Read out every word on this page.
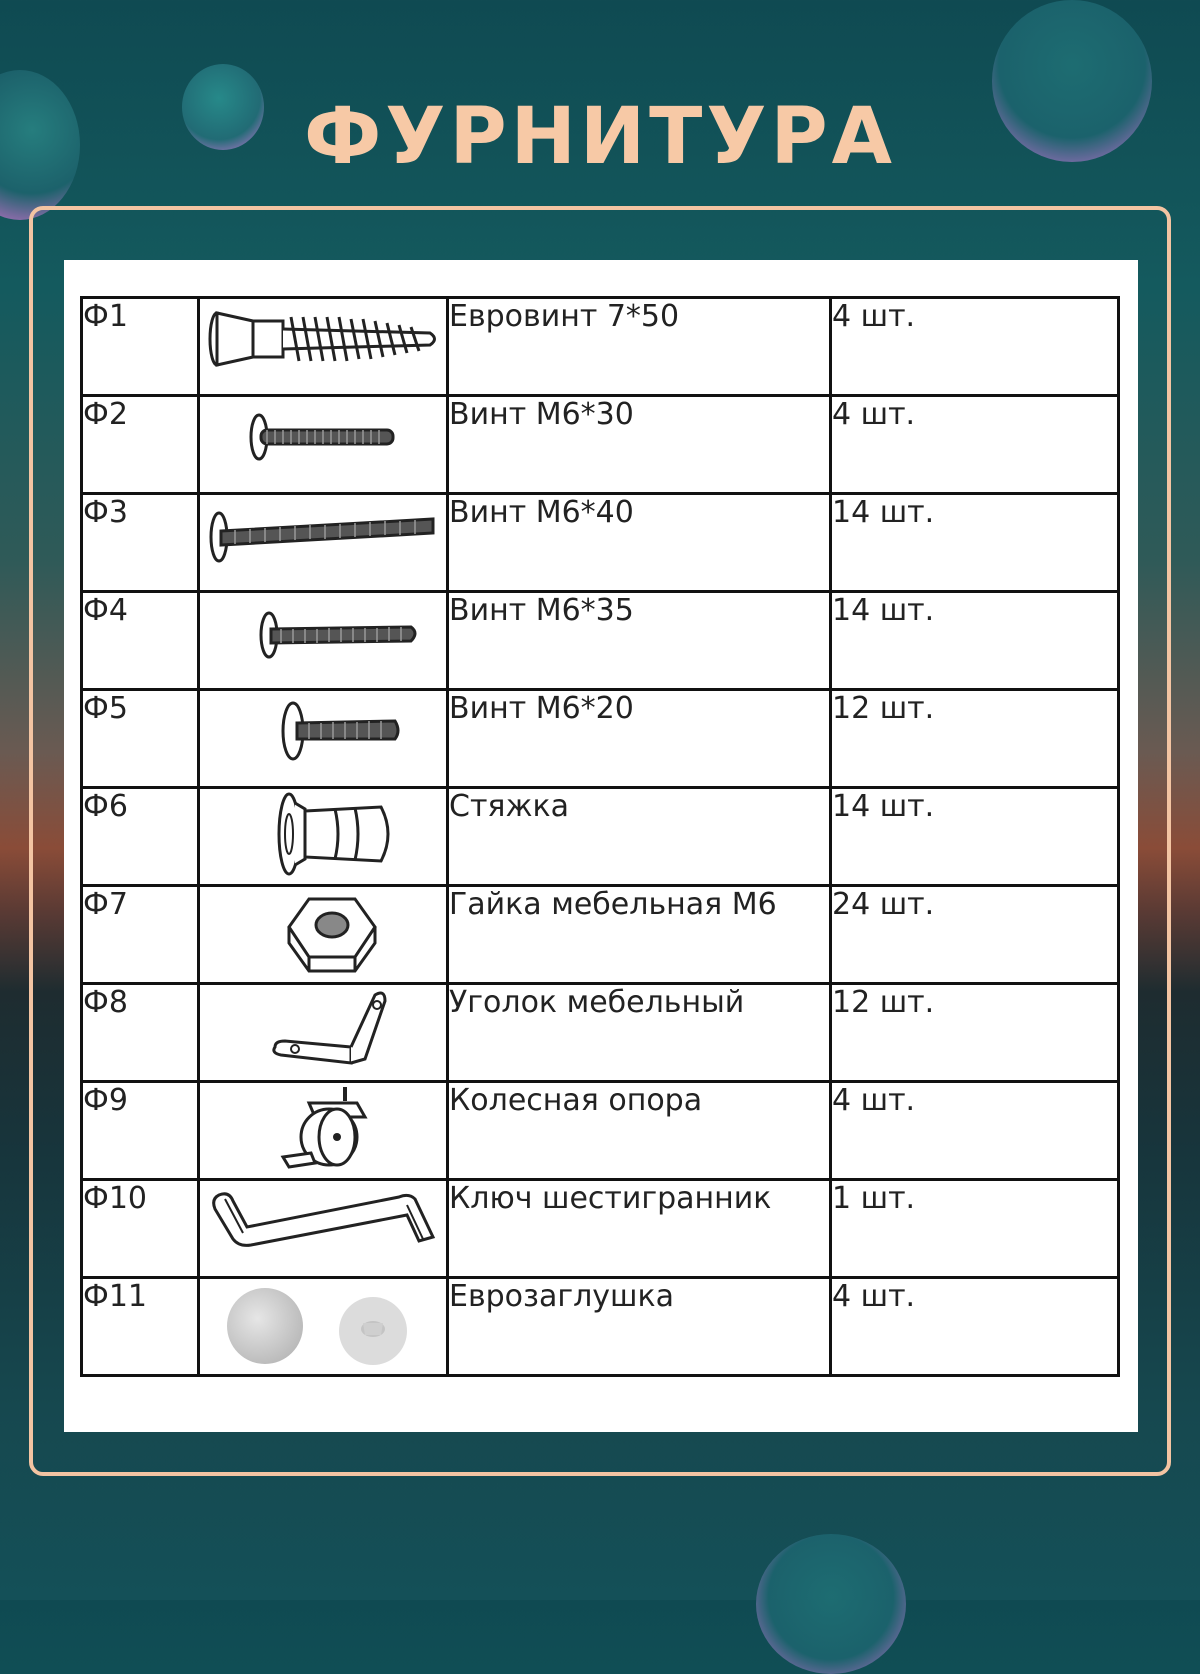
ФУРНИТУРА
Ф1		Евровинт 7*50	4 шт.
Ф2		Винт М6*30	4 шт.
Ф3		Винт М6*40	14 шт.
Ф4		Винт М6*35	14 шт.
Ф5		Винт М6*20	12 шт.
Ф6		Стяжка	14 шт.
Ф7		Гайка мебельная М6	24 шт.
Ф8		Уголок мебельный	12 шт.
Ф9		Колесная опора	4 шт.
Ф10		Ключ шестигранник	1 шт.
Ф11		Еврозаглушка	4 шт.
